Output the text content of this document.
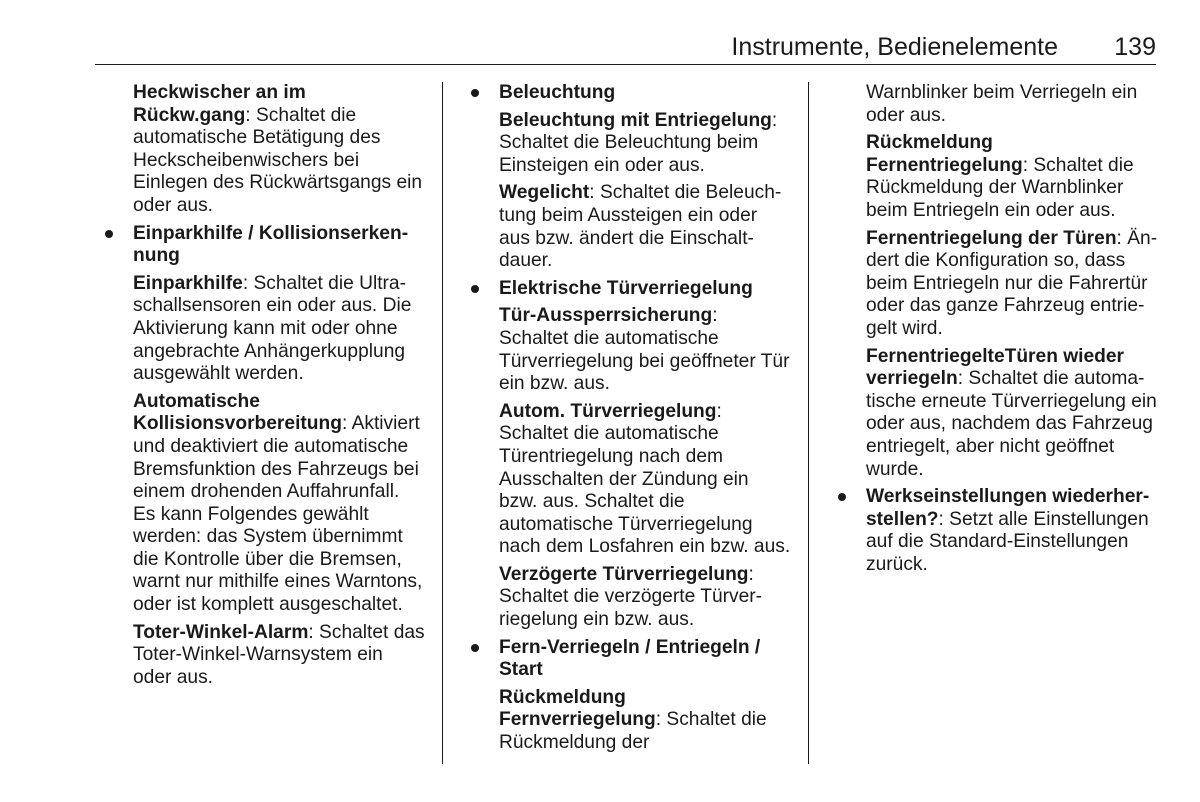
Instrumente, Bedienelemente 139

Heckwischer an im Rückw.gang: Schaltet die automatische Betätigung des Heckscheibenwischers bei Einlegen des Rückwärtsgangs ein oder aus.

Einparkhilfe / Kollisionserkennung

Einparkhilfe: Schaltet die Ultraschallsensoren ein oder aus. Die Aktivierung kann mit oder ohne angebrachte Anhängerkupplung ausgewählt werden.

Automatische Kollisionsvorbereitung: Aktiviert und deaktiviert die automatische Bremsfunktion des Fahrzeugs bei einem drohenden Auffahrunfall. Es kann Folgendes gewählt werden: das System übernimmt die Kontrolle über die Bremsen, warnt nur mithilfe eines Warntons, oder ist komplett ausgeschaltet.

Toter-Winkel-Alarm: Schaltet das Toter-Winkel-Warnsystem ein oder aus.

Beleuchtung

Beleuchtung mit Entriegelung: Schaltet die Beleuchtung beim Einsteigen ein oder aus.

Wegelicht: Schaltet die Beleuchtung beim Aussteigen ein oder aus bzw. ändert die Einschaltdauer.

Elektrische Türverriegelung

Tür-Aussperrsicherung: Schaltet die automatische Türverriegelung bei geöffneter Tür ein bzw. aus.

Autom. Türverriegelung: Schaltet die automatische Türentriegelung nach dem Ausschalten der Zündung ein bzw. aus. Schaltet die automatische Türverriegelung nach dem Losfahren ein bzw. aus.

Verzögerte Türverriegelung: Schaltet die verzögerte Türverriegelung ein bzw. aus.

Fern-Verriegeln / Entriegeln / Start

Rückmeldung Fernverriegelung: Schaltet die Rückmeldung der

Warnblinker beim Verriegeln ein oder aus.

Rückmeldung Fernentriegelung: Schaltet die Rückmeldung der Warnblinker beim Entriegeln ein oder aus.

Fernentriegelung der Türen: Ändert die Konfiguration so, dass beim Entriegeln nur die Fahrertür oder das ganze Fahrzeug entriegelt wird.

FernentriegelteTüren wieder verriegeln: Schaltet die automatische erneute Türverriegelung ein oder aus, nachdem das Fahrzeug entriegelt, aber nicht geöffnet wurde.

Werkseinstellungen wiederherstellen?: Setzt alle Einstellungen auf die Standard-Einstellungen zurück.
